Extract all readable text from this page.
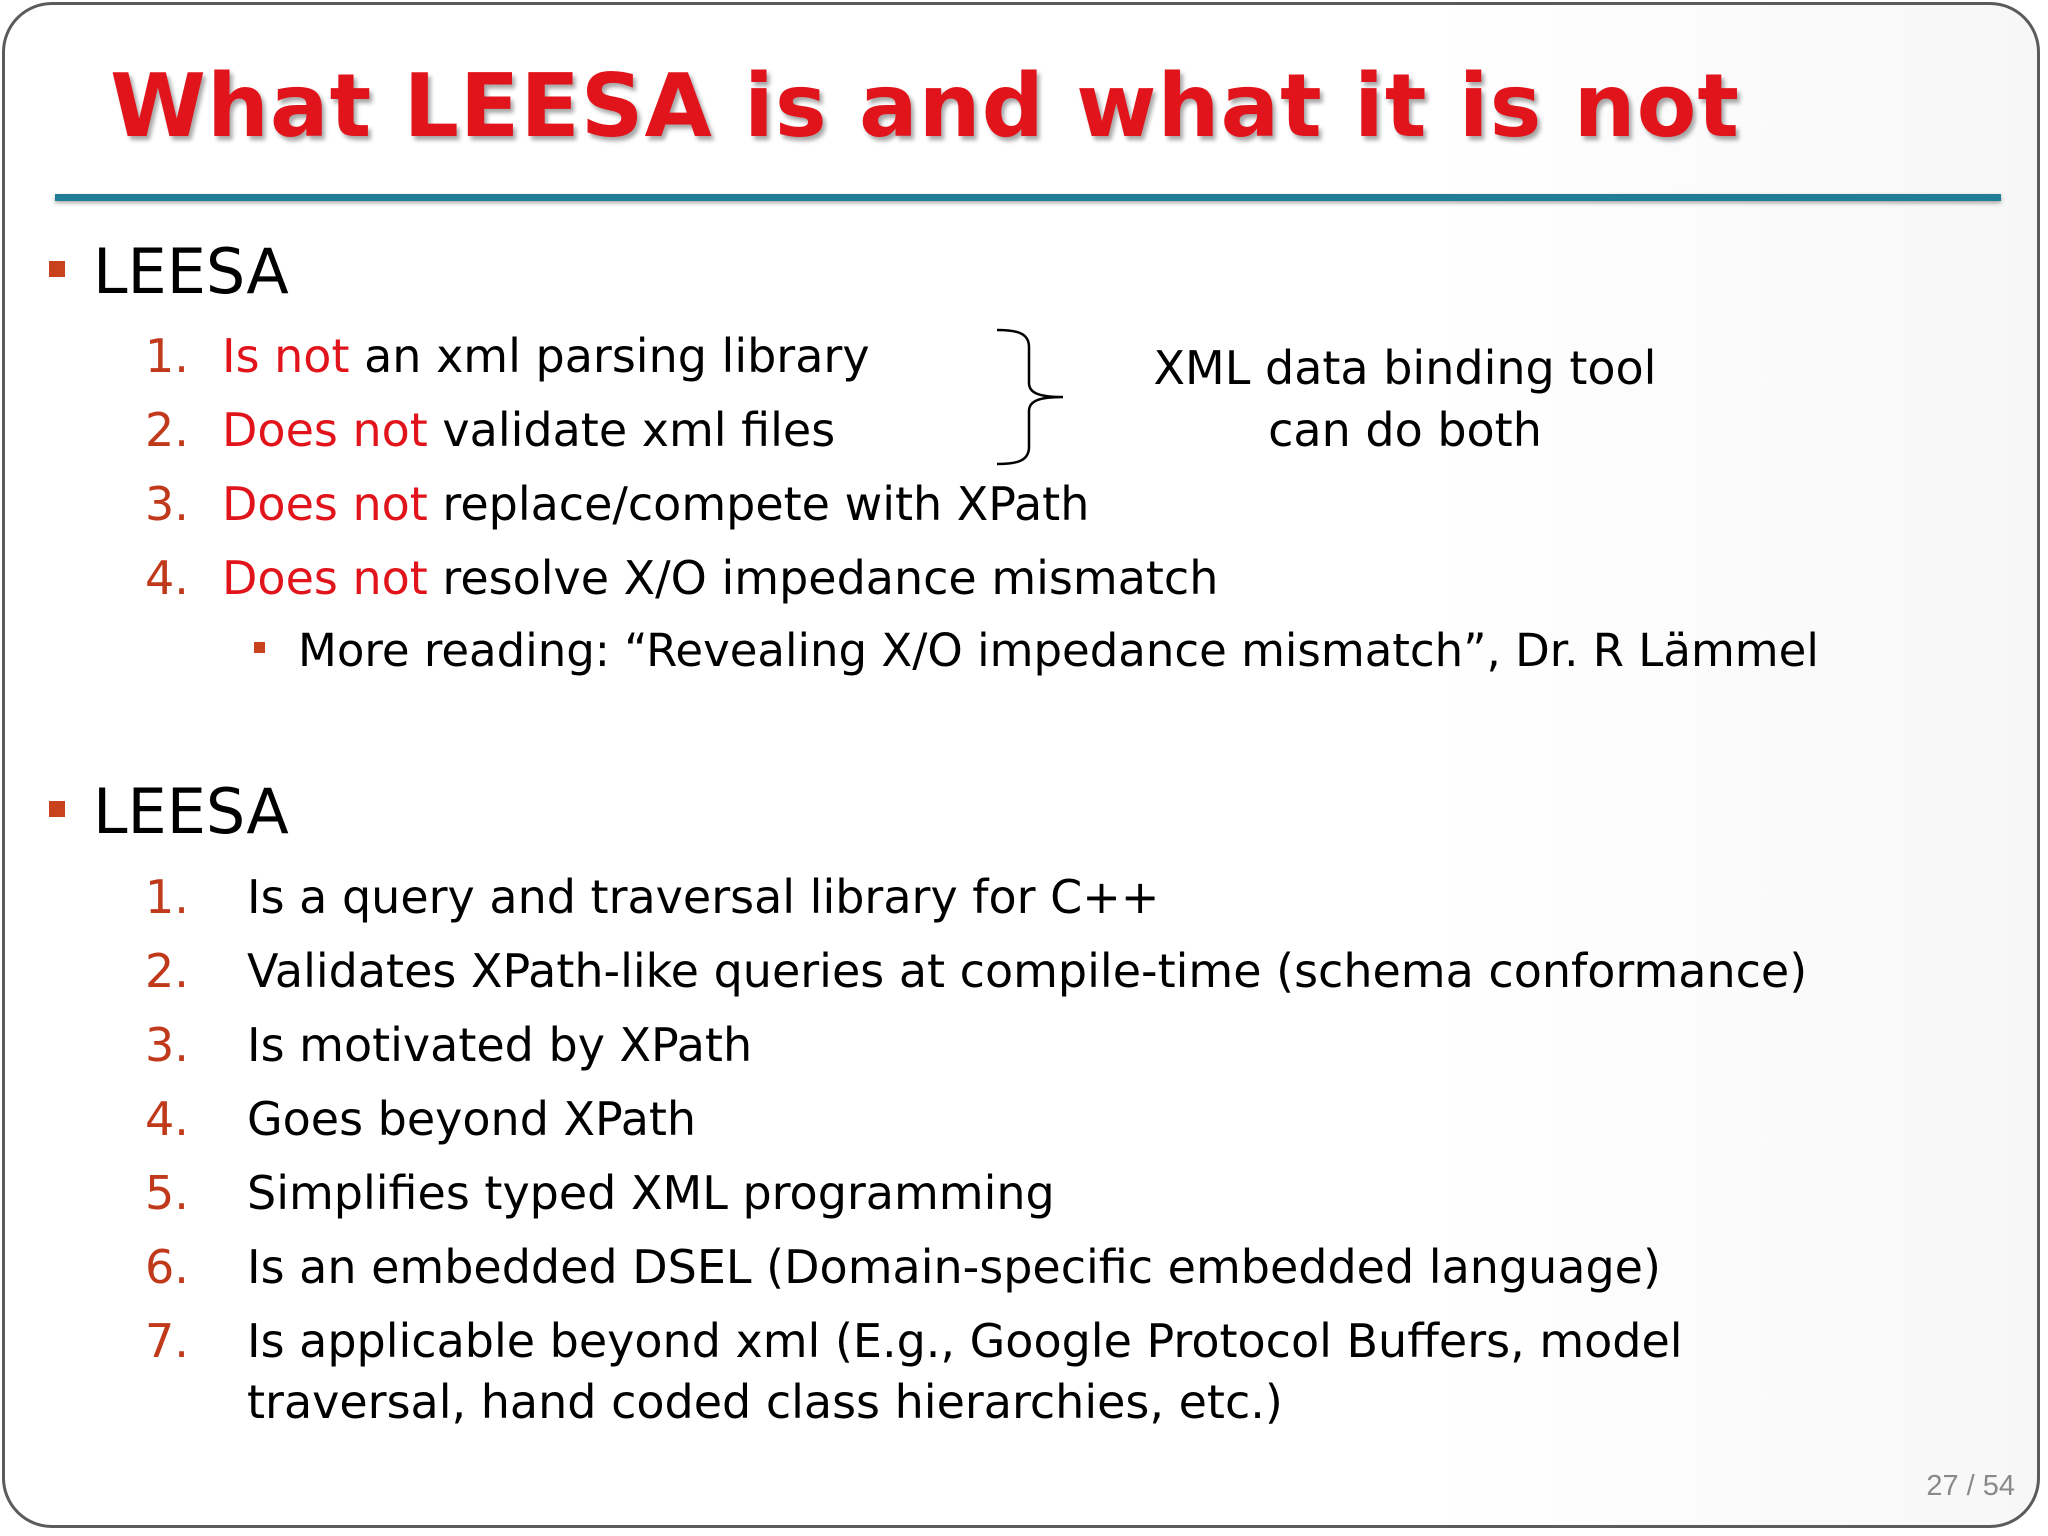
What LEESA is and what it is not
LEESA
1. Is not an xml parsing library
2. Does not validate xml files
3. Does not replace/compete with XPath
4. Does not resolve X/O impedance mismatch
More reading: “Revealing X/O impedance mismatch”, Dr. R Lämmel
XML data binding tool
can do both
LEESA
1. Is a query and traversal library for C++
2. Validates XPath-like queries at compile-time (schema conformance)
3. Is motivated by XPath
4. Goes beyond XPath
5. Simplifies typed XML programming
6. Is an embedded DSEL (Domain-specific embedded language)
7. Is applicable beyond xml (E.g., Google Protocol Buffers, model
traversal, hand coded class hierarchies, etc.)
27 / 54
